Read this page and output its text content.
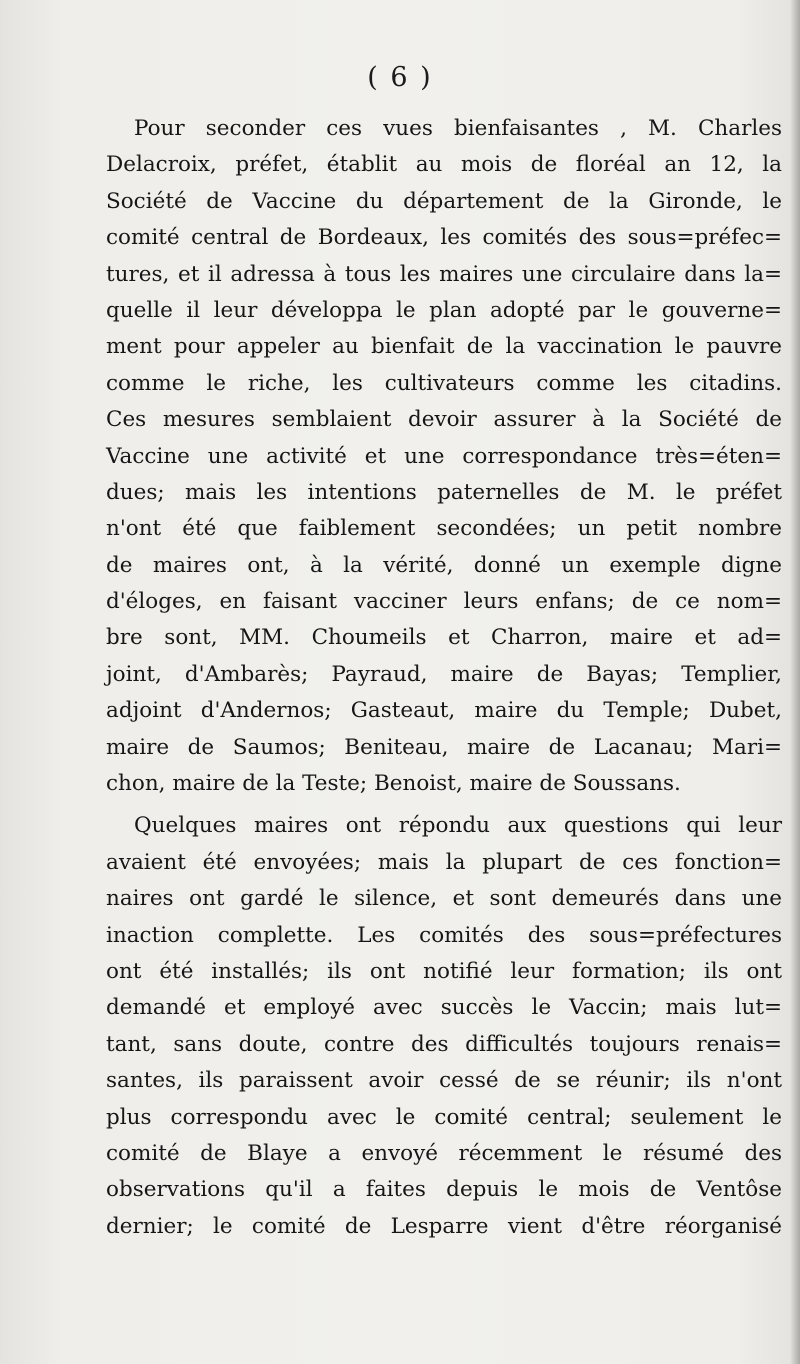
( 6 )
Pour seconder ces vues bienfaisantes , M. Charles
Delacroix, préfet, établit au mois de floréal an 12, la
Société de Vaccine du département de la Gironde, le
comité central de Bordeaux, les comités des sous=préfec=
tures, et il adressa à tous les maires une circulaire dans la=
quelle il leur développa le plan adopté par le gouverne=
ment pour appeler au bienfait de la vaccination le pauvre
comme le riche, les cultivateurs comme les citadins.
Ces mesures semblaient devoir assurer à la Société de
Vaccine une activité et une correspondance très=éten=
dues; mais les intentions paternelles de M. le préfet
n'ont été que faiblement secondées; un petit nombre
de maires ont, à la vérité, donné un exemple digne
d'éloges, en faisant vacciner leurs enfans; de ce nom=
bre sont, MM. Choumeils et Charron, maire et ad=
joint, d'Ambarès; Payraud, maire de Bayas; Templier,
adjoint d'Andernos; Gasteaut, maire du Temple; Dubet,
maire de Saumos; Beniteau, maire de Lacanau; Mari=
chon, maire de la Teste; Benoist, maire de Soussans.
Quelques maires ont répondu aux questions qui leur
avaient été envoyées; mais la plupart de ces fonction=
naires ont gardé le silence, et sont demeurés dans une
inaction complette. Les comités des sous=préfectures
ont été installés; ils ont notifié leur formation; ils ont
demandé et employé avec succès le Vaccin; mais lut=
tant, sans doute, contre des difficultés toujours renais=
santes, ils paraissent avoir cessé de se réunir; ils n'ont
plus correspondu avec le comité central; seulement le
comité de Blaye a envoyé récemment le résumé des
observations qu'il a faites depuis le mois de Ventôse
dernier; le comité de Lesparre vient d'être réorganisé
